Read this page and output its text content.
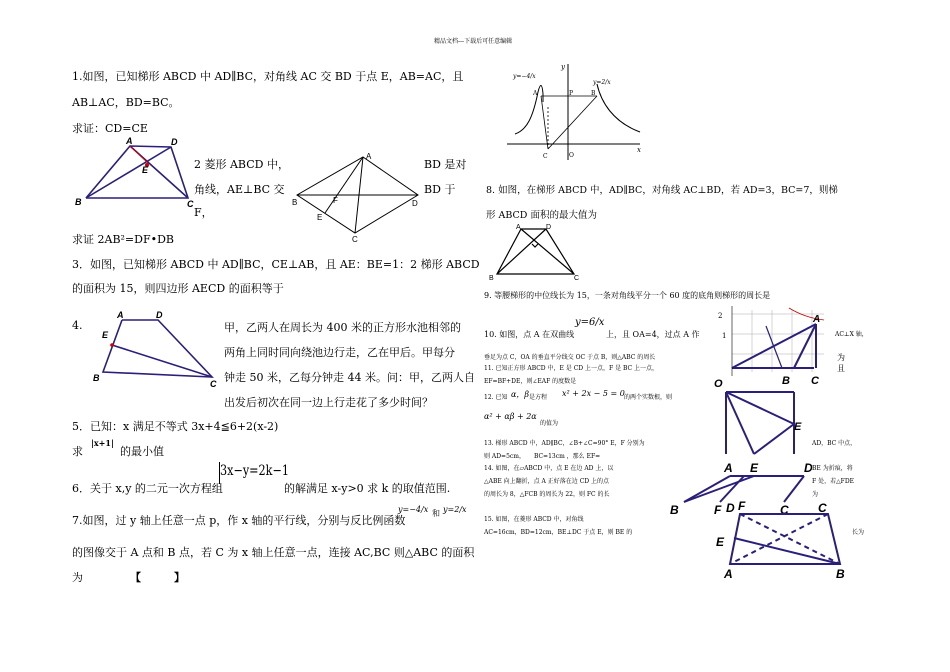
精品文档---下载后可任意编辑
1.如图，已知梯形 ABCD 中 AD∥BC，对角线 AC 交 BD 于点 E，AB=AC，且
AB⊥AC，BD=BC。
求证：CD=CE
A	D
E
B	C
2 菱形 ABCD 中，
角线，AE⊥BC 交
F，
BD 是对
BD 于
A
B	F
E
D
C
求证 2AB²=DF•DB
3．如图，已知梯形 ABCD 中 AD∥BC，CE⊥AB，且 AE：BE=1：2 梯形 ABCD
的面积为 15，则四边形 AECD 的面积等于
4.
A	D
E
B
C
甲，乙两人在周长为 400 米的正方形水池相邻的
两角上同时同向绕池边行走，乙在甲后。甲每分
钟走 50 米，乙每分钟走 44 米。问：甲，乙两人自
出发后初次在同一边上行走花了多少时间？
5．已知：x 满足不等式 3x+4≦6+2(x-2)
求
|x+1|
的最小值
6．关于 x,y 的二元一次方程组
3x−y=2k−1
的解满足 x-y>0 求 k 的取值范围.
7.如图，过 y 轴上任意一点 p，作 x 轴的平行线，分别与反比例函数
y=−4/x 和 y=2/x
的图像交于 A 点和 B 点，若 C 为 x 轴上任意一点，连接 AC,BC 则△ABC 的面积
为	【　　　】
y=−4/x
y=2/x
A	P	B
C	O
x
y
8. 如图，在梯形 ABCD 中，AD∥BC，对角线 AC⊥BD，若 AD=3，BC=7，则梯
形 ABCD 面积的最大值为
A	D
B	C
9. 等腰梯形的中位线长为 15，一条对角线平分一个 60 度的底角则梯形的周长是
10. 如图，点 A 在双曲线
y=6/x
上，且 OA=4，过点 A 作	AC⊥X 轴，
垂足为点 C，OA 的垂直平分线交 OC 于点 B，则△ABC 的周长	为
2
1
A
O	B C
11. 已知正方形 ABCD 中，E 是 CD 上一点，F 是 BC 上一点，	且
EF=BF+DE，则∠EAF 的度数是
12. 已知 α，β 是方程 x² + 2x − 5 = 0 的两个实数根，则
α² + αβ + 2α
的值为	E
13. 梯形 ABCD 中，AD∥BC，∠B+∠C=90° E，F 分别为	AD，BC 中点，
则 AD=5cm，　　BC=13cm ，那么 EF=
A E	D
B	F	C
14. 如图，在▱ABCD 中，点 E 在边 AD 上，以	BE 为折痕，将
△ABE 向上翻折，点 A 正好落在边 CD 上的点	F 处，若△FDE
的周长为 8，△FCB 的周长为 22，则 FC 的长	为
15. 如图，在菱形 ABCD 中，对角线
AC=16cm，BD=12cm，BE⊥DC 于点 E，则 BE 的	长为
D F	C
E
A	B
